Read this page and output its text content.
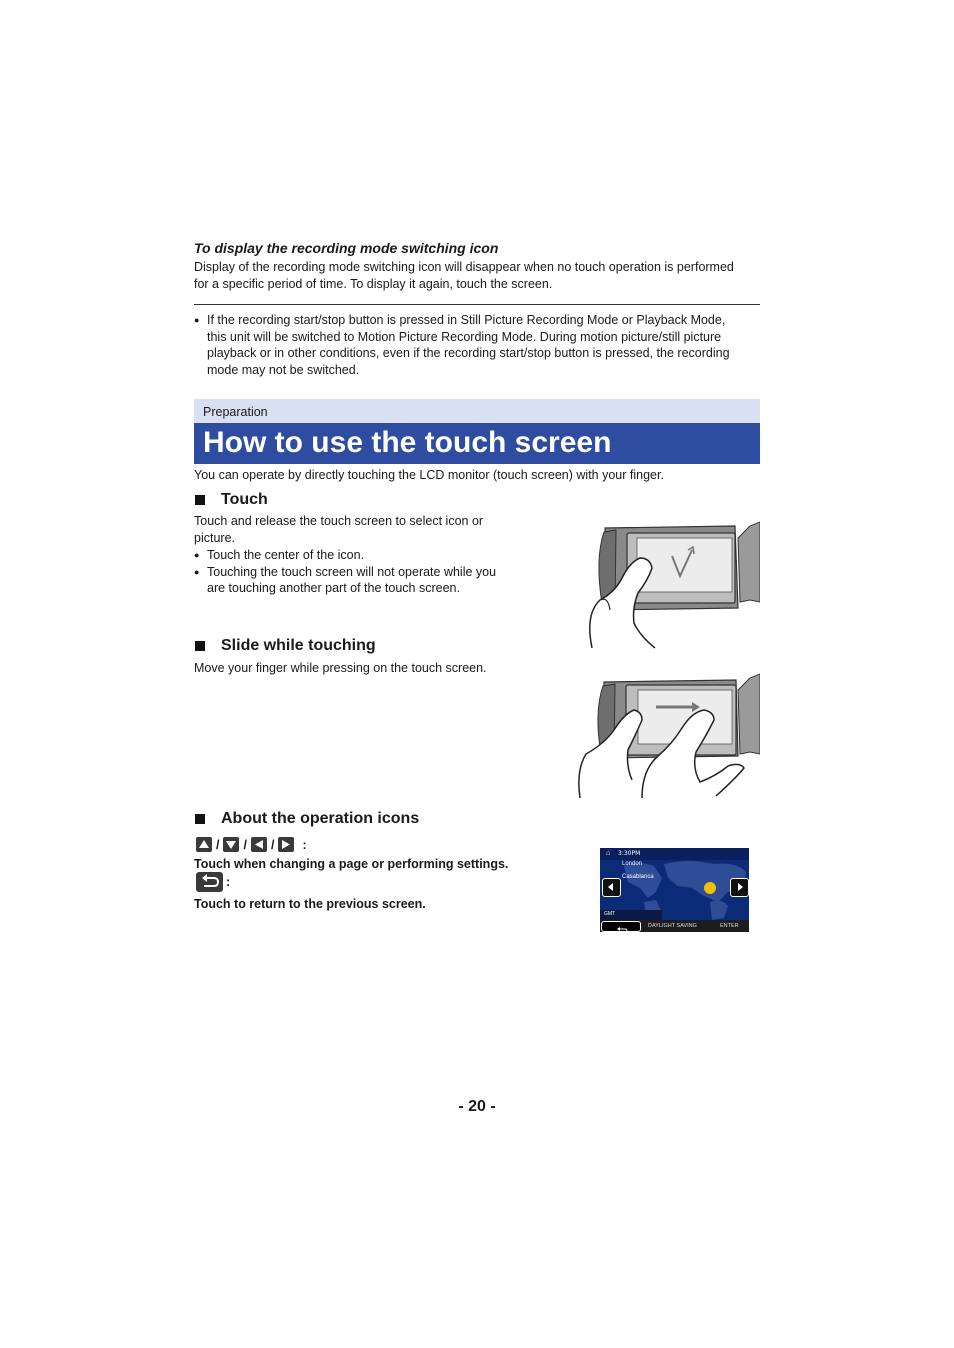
To display the recording mode switching icon

Display of the recording mode switching icon will disappear when no touch operation is performed

for a specific period of time. To display it again, touch the screen.

● If the recording start/stop button is pressed in Still Picture Recording Mode or Playback Mode,

this unit will be switched to Motion Picture Recording Mode. During motion picture/still picture

playback or in other conditions, even if the recording start/stop button is pressed, the recording

mode may not be switched.

Preparation
How to use the touch screen

You can operate by directly touching the LCD monitor (touch screen) with your finger.

Touch

Touch and release the touch screen to select icon or

picture.

● Touch the center of the icon.

● Touching the touch screen will not operate while you

are touching another part of the touch screen.

Slide while touching

Move your finger while pressing on the touch screen.

About the operation icons
/ / / :

Touch when changing a page or performing settings.

:

Touch to return to the previous screen.

⌂ 3:30PM
London
Casablanca
GMT
DAYLIGHT SAVING	ENTER
- 20 -
